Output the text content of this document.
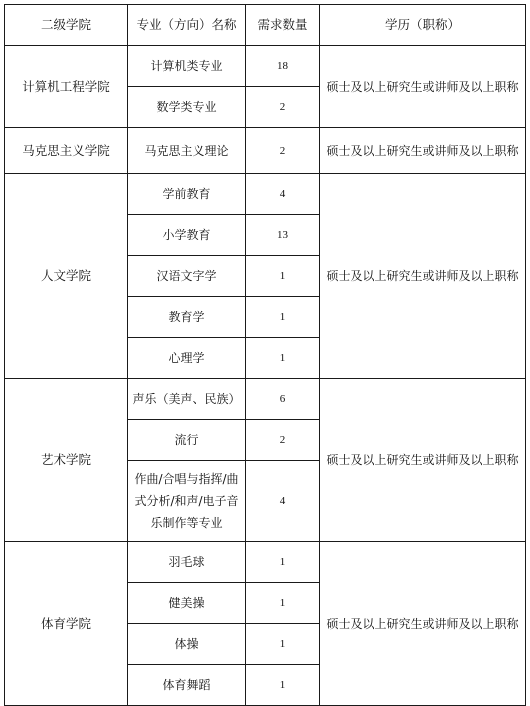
二级学院	专业（方向）名称	需求数量	学历（职称）
计算机工程学院	计算机类专业	18	硕士及以上研究生或讲师及以上职称
	数学类专业	2	
马克思主义学院	马克思主义理论	2	硕士及以上研究生或讲师及以上职称
人文学院	学前教育	4	硕士及以上研究生或讲师及以上职称
	小学教育	13	
	汉语文字学	1	
	教育学	1	
	心理学	1	
艺术学院	声乐（美声、民族）	6	硕士及以上研究生或讲师及以上职称
	流行	2	
	作曲/合唱与指挥/曲式分析/和声/电子音乐制作等专业	4	
体育学院	羽毛球	1	硕士及以上研究生或讲师及以上职称
	健美操	1	
	体操	1	
	体育舞蹈	1	
